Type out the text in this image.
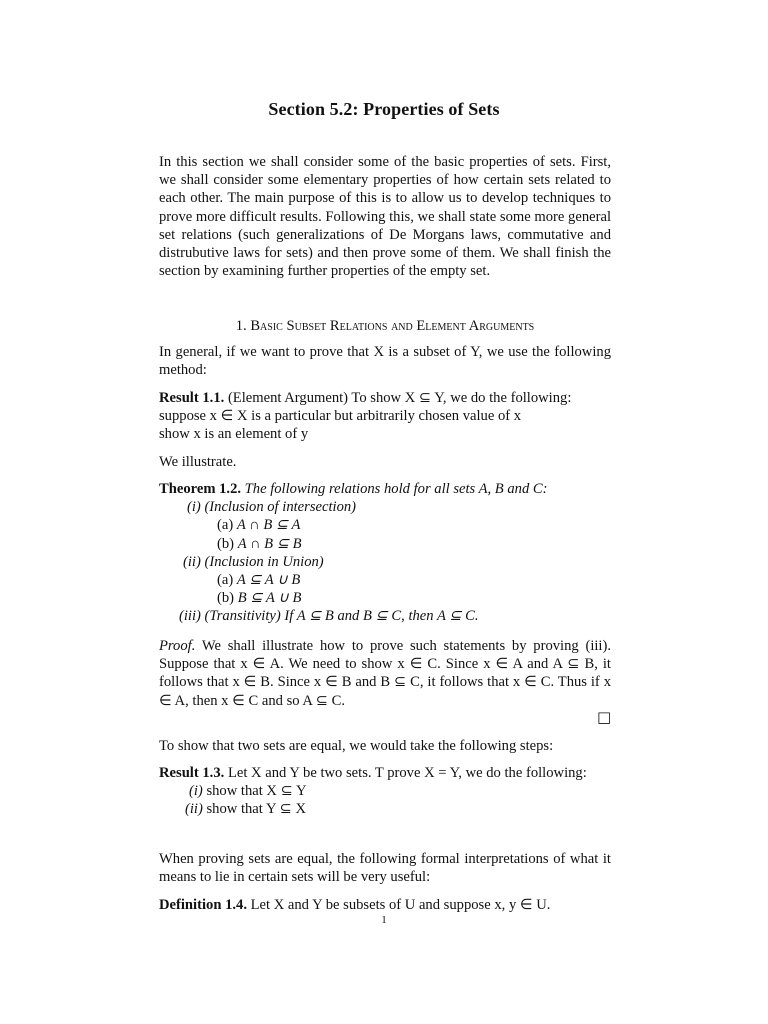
Section 5.2: Properties of Sets
In this section we shall consider some of the basic properties of sets. First, we shall consider some elementary properties of how certain sets related to each other. The main purpose of this is to allow us to develop techniques to prove more difficult results. Following this, we shall state some more general set relations (such generalizations of De Morgans laws, commutative and distrubutive laws for sets) and then prove some of them. We shall finish the section by examining further properties of the empty set.
1. Basic Subset Relations and Element Arguments
In general, if we want to prove that X is a subset of Y, we use the following method:
Result 1.1. (Element Argument) To show X ⊆ Y, we do the following:
suppose x ∈ X is a particular but arbitrarily chosen value of x
show x is an element of y
We illustrate.
Theorem 1.2. The following relations hold for all sets A, B and C:
(i) (Inclusion of intersection)
(a) A ∩ B ⊆ A
(b) A ∩ B ⊆ B
(ii) (Inclusion in Union)
(a) A ⊆ A ∪ B
(b) B ⊆ A ∪ B
(iii) (Transitivity) If A ⊆ B and B ⊆ C, then A ⊆ C.
Proof. We shall illustrate how to prove such statements by proving (iii). Suppose that x ∈ A. We need to show x ∈ C. Since x ∈ A and A ⊆ B, it follows that x ∈ B. Since x ∈ B and B ⊆ C, it follows that x ∈ C. Thus if x ∈ A, then x ∈ C and so A ⊆ C.
□
To show that two sets are equal, we would take the following steps:
Result 1.3. Let X and Y be two sets. T prove X = Y, we do the following:
(i) show that X ⊆ Y
(ii) show that Y ⊆ X
When proving sets are equal, the following formal interpretations of what it means to lie in certain sets will be very useful:
Definition 1.4. Let X and Y be subsets of U and suppose x, y ∈ U.
1
